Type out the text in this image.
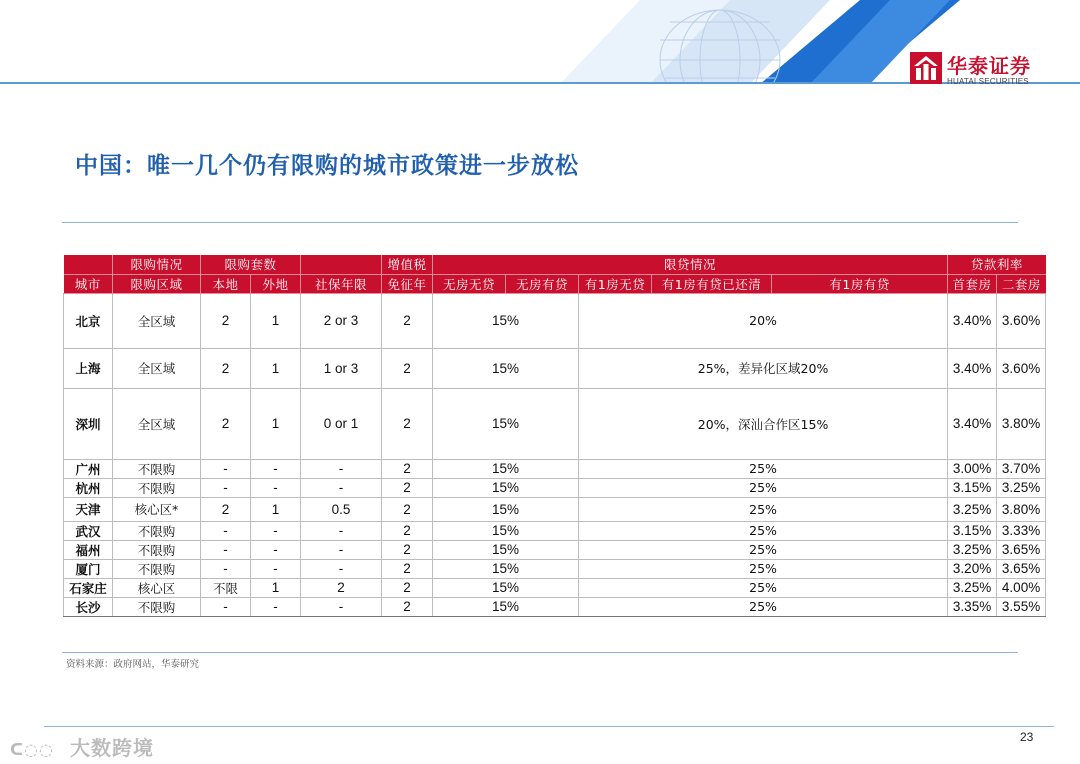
华泰证券
HUATAI SECURITIES
中国：唯一几个仍有限购的城市政策进一步放松
	限购情况	限购套数			增值税	限贷情况					贷款利率	
城市	限购区域	本地	外地	社保年限	免征年	无房无贷	无房有贷	有1房无贷	有1房有贷已还清	有1房有贷	首套房	二套房
北京	全区域	2	1	2 or 3	2	15%		20%			3.40%	3.60%
上海	全区域	2	1	1 or 3	2	15%		25%，差异化区域20%			3.40%	3.60%
深圳	全区域	2	1	0 or 1	2	15%		20%，深汕合作区15%			3.40%	3.80%
广州	不限购	-	-	-	2	15%		25%			3.00%	3.70%
杭州	不限购	-	-	-	2	15%		25%			3.15%	3.25%
天津	核心区*	2	1	0.5	2	15%		25%			3.25%	3.80%
武汉	不限购	-	-	-	2	15%		25%			3.15%	3.33%
福州	不限购	-	-	-	2	15%		25%			3.25%	3.65%
厦门	不限购	-	-	-	2	15%		25%			3.20%	3.65%
石家庄	核心区	不限	1	2	2	15%		25%			3.25%	4.00%
长沙	不限购	-	-	-	2	15%		25%			3.35%	3.55%
资料来源：政府网站，华泰研究
23
ᑕ◌◌ 大数跨境
